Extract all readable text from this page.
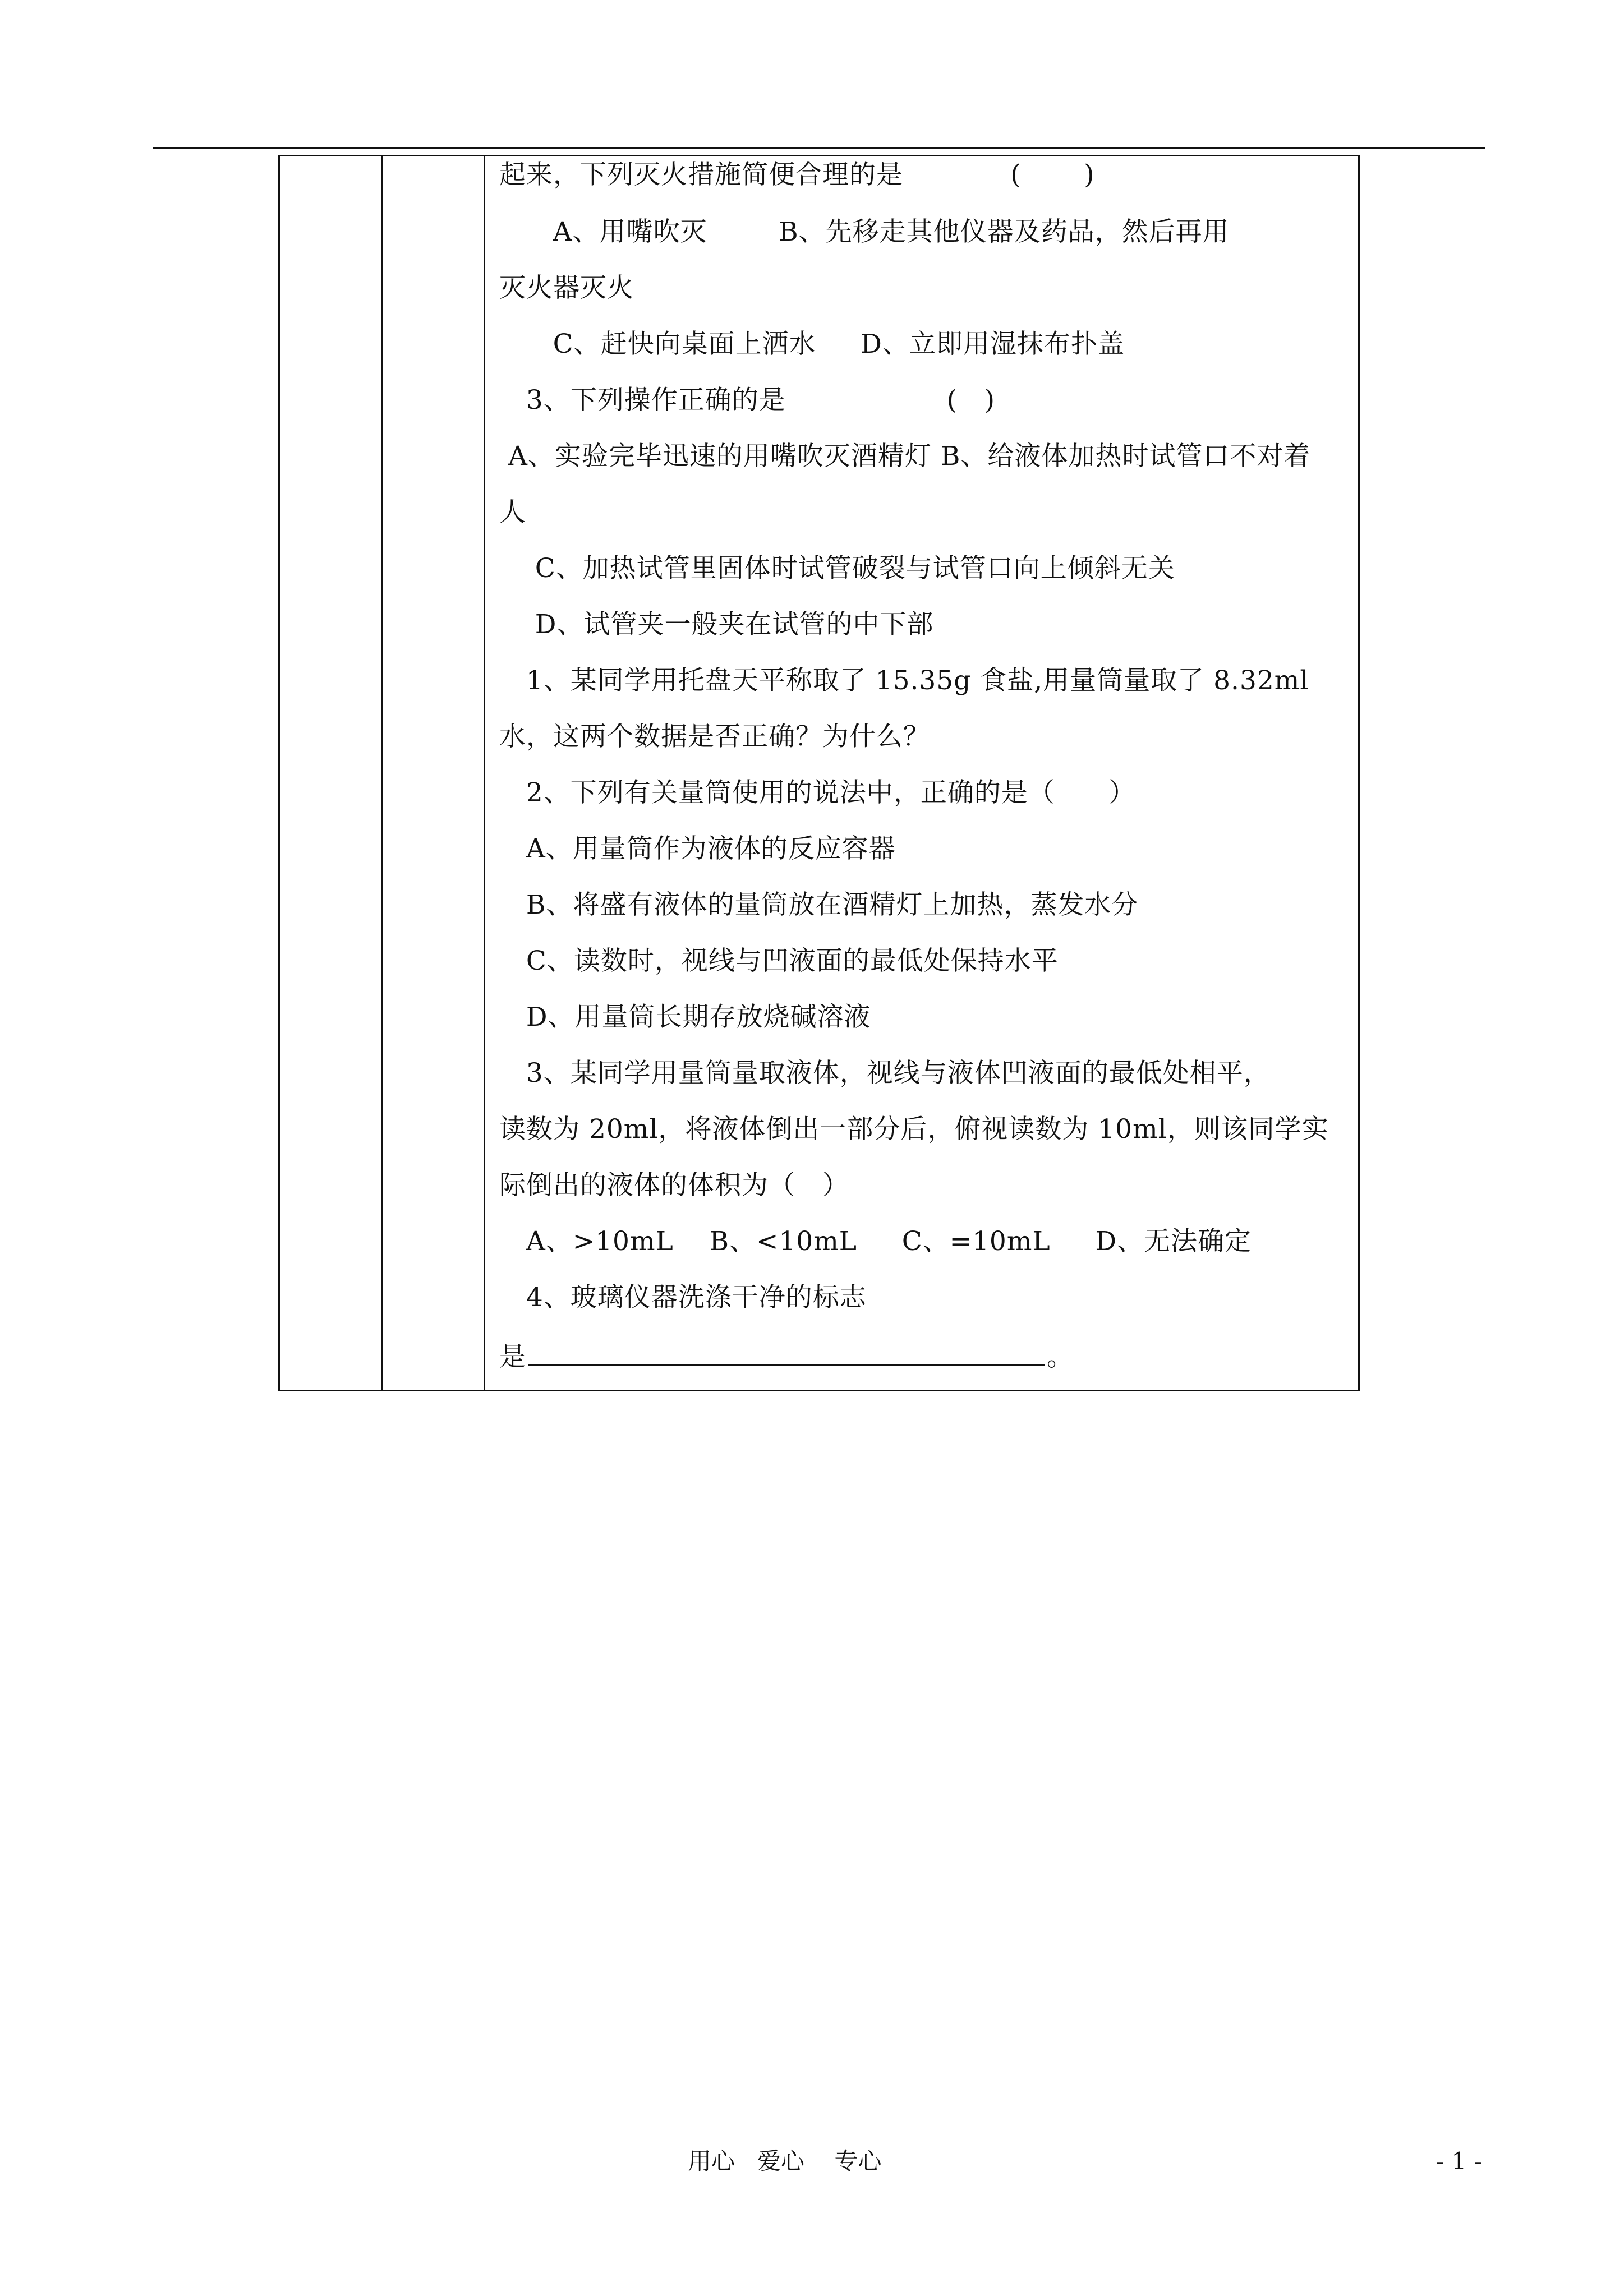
起来，下列灭火措施简便合理的是            (       )
A、用嘴吹灭        B、先移走其他仪器及药品，然后再用
灭火器灭火
C、赶快向桌面上洒水     D、立即用湿抹布扑盖
3、下列操作正确的是                  (   )
A、实验完毕迅速的用嘴吹灭酒精灯 B、给液体加热时试管口不对着
人
C、加热试管里固体时试管破裂与试管口向上倾斜无关
D、试管夹一般夹在试管的中下部
1、某同学用托盘天平称取了 15.35g 食盐,用量筒量取了 8.32ml
水，这两个数据是否正确？为什么？
2、下列有关量筒使用的说法中，正确的是（      ）
A、用量筒作为液体的反应容器
B、将盛有液体的量筒放在酒精灯上加热，蒸发水分
C、读数时，视线与凹液面的最低处保持水平
D、用量筒长期存放烧碱溶液
3、某同学用量筒量取液体，视线与液体凹液面的最低处相平，
读数为 20ml，将液体倒出一部分后，俯视读数为 10ml，则该同学实
际倒出的液体的体积为（   ）
A、>10mL    B、<10mL     C、=10mL     D、无法确定
4、玻璃仪器洗涤干净的标志
是	。
用心   爱心    专心	- 1 -
